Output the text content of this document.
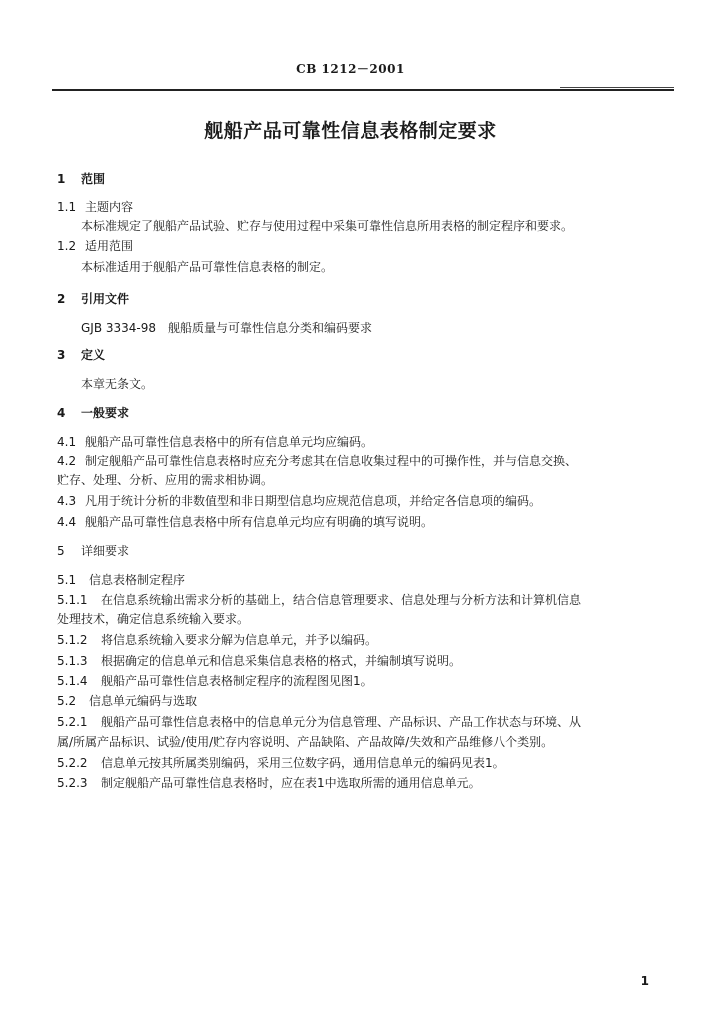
CB 1212－2001
舰船产品可靠性信息表格制定要求
1 范围
1.1 主题内容
本标准规定了舰船产品试验、贮存与使用过程中采集可靠性信息所用表格的制定程序和要求。
1.2 适用范围
本标准适用于舰船产品可靠性信息表格的制定。
2 引用文件
GJB 3334-98　舰船质量与可靠性信息分类和编码要求
3 定义
本章无条文。
4 一般要求
4.1 舰船产品可靠性信息表格中的所有信息单元均应编码。
4.2 制定舰船产品可靠性信息表格时应充分考虑其在信息收集过程中的可操作性，并与信息交换、
贮存、处理、分析、应用的需求相协调。
4.3 凡用于统计分析的非数值型和非日期型信息均应规范信息项，并给定各信息项的编码。
4.4 舰船产品可靠性信息表格中所有信息单元均应有明确的填写说明。
5 详细要求
5.1 信息表格制定程序
5.1.1 在信息系统输出需求分析的基础上，结合信息管理要求、信息处理与分析方法和计算机信息
处理技术，确定信息系统输入要求。
5.1.2 将信息系统输入要求分解为信息单元，并予以编码。
5.1.3 根据确定的信息单元和信息采集信息表格的格式，并编制填写说明。
5.1.4 舰船产品可靠性信息表格制定程序的流程图见图1。
5.2 信息单元编码与选取
5.2.1 舰船产品可靠性信息表格中的信息单元分为信息管理、产品标识、产品工作状态与环境、从
属/所属产品标识、试验/使用/贮存内容说明、产品缺陷、产品故障/失效和产品维修八个类别。
5.2.2 信息单元按其所属类别编码，采用三位数字码，通用信息单元的编码见表1。
5.2.3 制定舰船产品可靠性信息表格时，应在表1中选取所需的通用信息单元。
1
